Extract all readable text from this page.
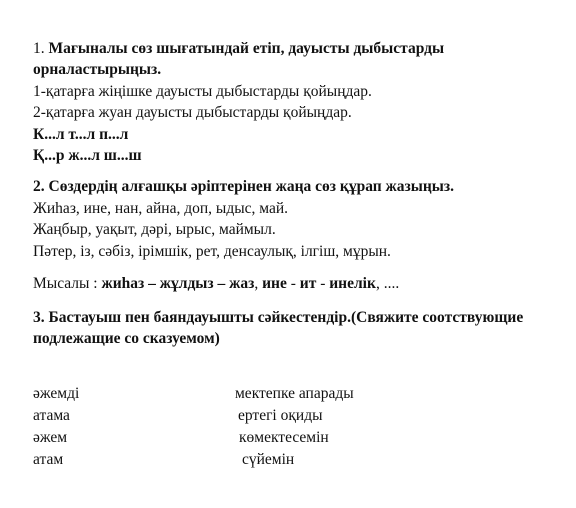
1. Мағыналы сөз шығатындай етіп, дауысты дыбыстарды
орналастырыңыз.
1-қатарға жіңішке дауысты дыбыстарды қойыңдар.
2-қатарға жуан дауысты дыбыстарды қойыңдар.
К...л т...л п...л
Қ...р ж...л ш...ш
2. Сөздердің алғашқы әріптерінен жаңа сөз құрап жазыңыз.
Жиһаз, ине, нан, айна, доп, ыдыс, май.
Жаңбыр, уақыт, дәрі, ырыс, маймыл.
Пәтер, із, сәбіз, ірімшік, рет, денсаулық, ілгіш, мұрын.
Мысалы : жиһаз – жұлдыз – жаз, ине - ит - инелік, ....
3. Бастауыш пен баяндауышты сәйкестендір.(Свяжите соотствующие
подлежащие со сказуемом)
әжемді
атама
әжем
атам
мектепке апарады
ертегі оқиды
көмектесемін
сүйемін
